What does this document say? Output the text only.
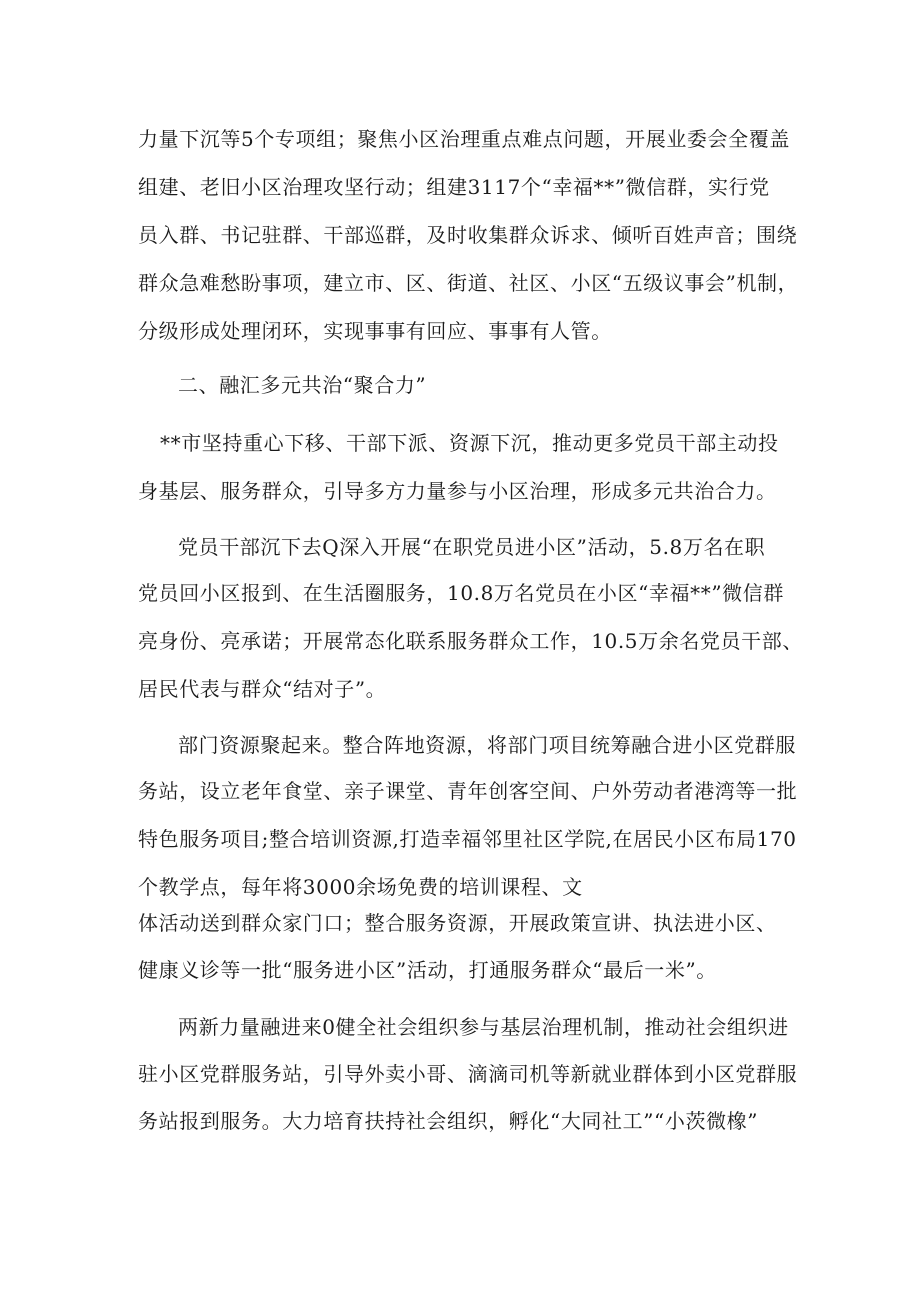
力量下沉等5个专项组；聚焦小区治理重点难点问题，开展业委会全覆盖
组建、老旧小区治理攻坚行动；组建3117个“幸福**”微信群，实行党
员入群、书记驻群、干部巡群，及时收集群众诉求、倾听百姓声音；围绕
群众急难愁盼事项，建立市、区、街道、社区、小区“五级议事会”机制，
分级形成处理闭环，实现事事有回应、事事有人管。
二、融汇多元共治“聚合力”
**市坚持重心下移、干部下派、资源下沉，推动更多党员干部主动投
身基层、服务群众，引导多方力量参与小区治理，形成多元共治合力。
党员干部沉下去Q深入开展“在职党员进小区”活动，5.8万名在职
党员回小区报到、在生活圈服务，10.8万名党员在小区“幸福**”微信群
亮身份、亮承诺；开展常态化联系服务群众工作，10.5万余名党员干部、
居民代表与群众“结对子”。
部门资源聚起来。整合阵地资源，将部门项目统筹融合进小区党群服
务站，设立老年食堂、亲子课堂、青年创客空间、户外劳动者港湾等一批
特色服务项目;整合培训资源,打造幸福邻里社区学院,在居民小区布局170
个教学点，每年将3000余场免费的培训课程、文
体活动送到群众家门口；整合服务资源，开展政策宣讲、执法进小区、
健康义诊等一批“服务进小区”活动，打通服务群众“最后一米”。
两新力量融进来0健全社会组织参与基层治理机制，推动社会组织进
驻小区党群服务站，引导外卖小哥、滴滴司机等新就业群体到小区党群服
务站报到服务。大力培育扶持社会组织，孵化“大同社工”“小茨微橡”
